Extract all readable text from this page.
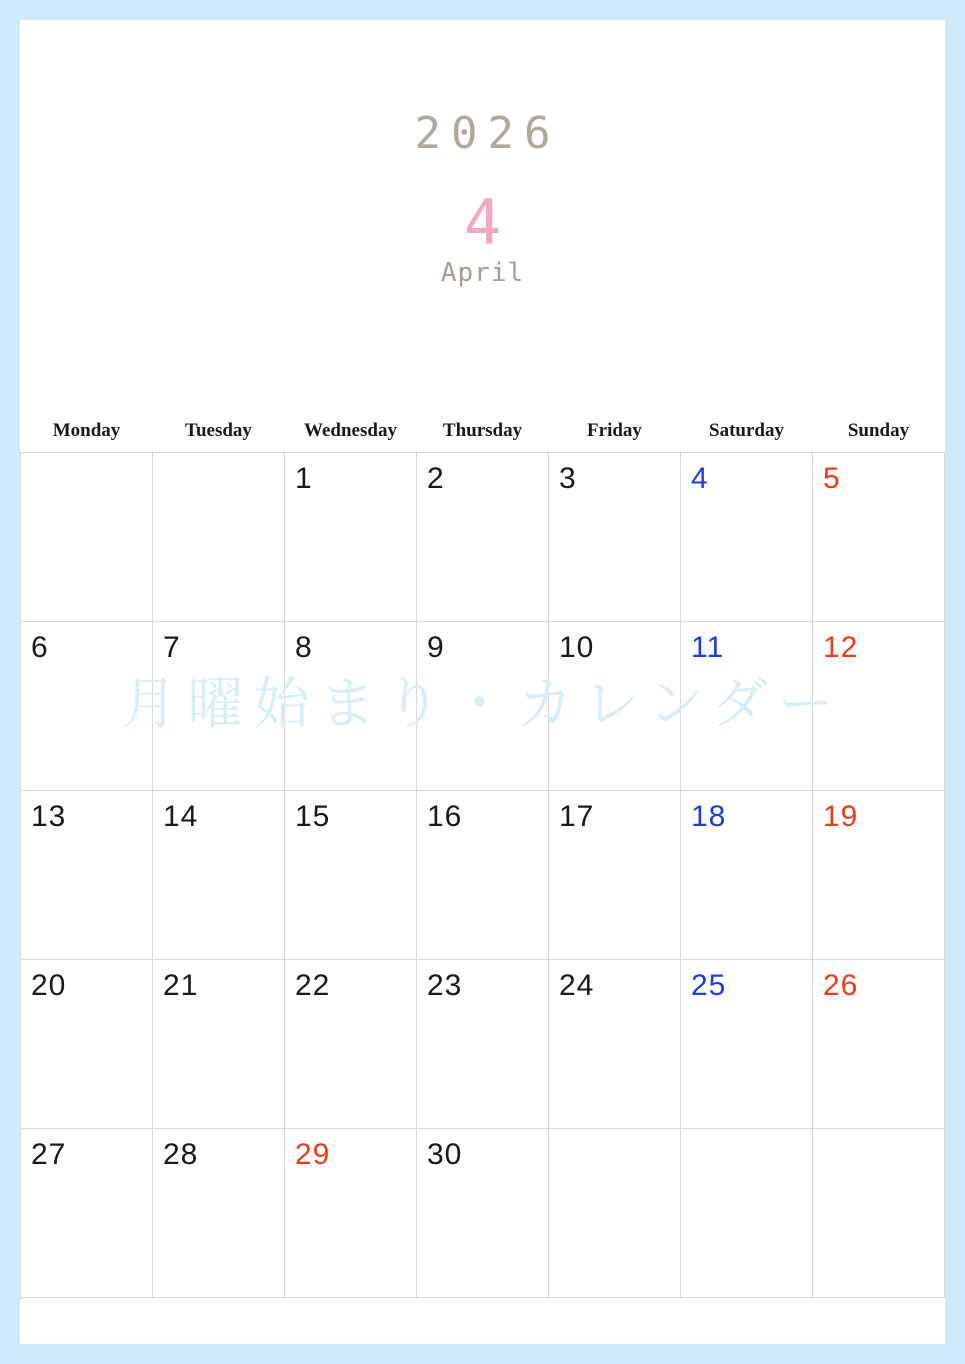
2026
4
April
Monday	Tuesday	Wednesday	Thursday	Friday	Saturday	Sunday

		1	2	3	4	5

6	7	8	9	10	11	12

13	14	15	16	17	18	19

20	21	22	23	24	25	26

27	28	29	30			

月曜始まり・カレンダー
